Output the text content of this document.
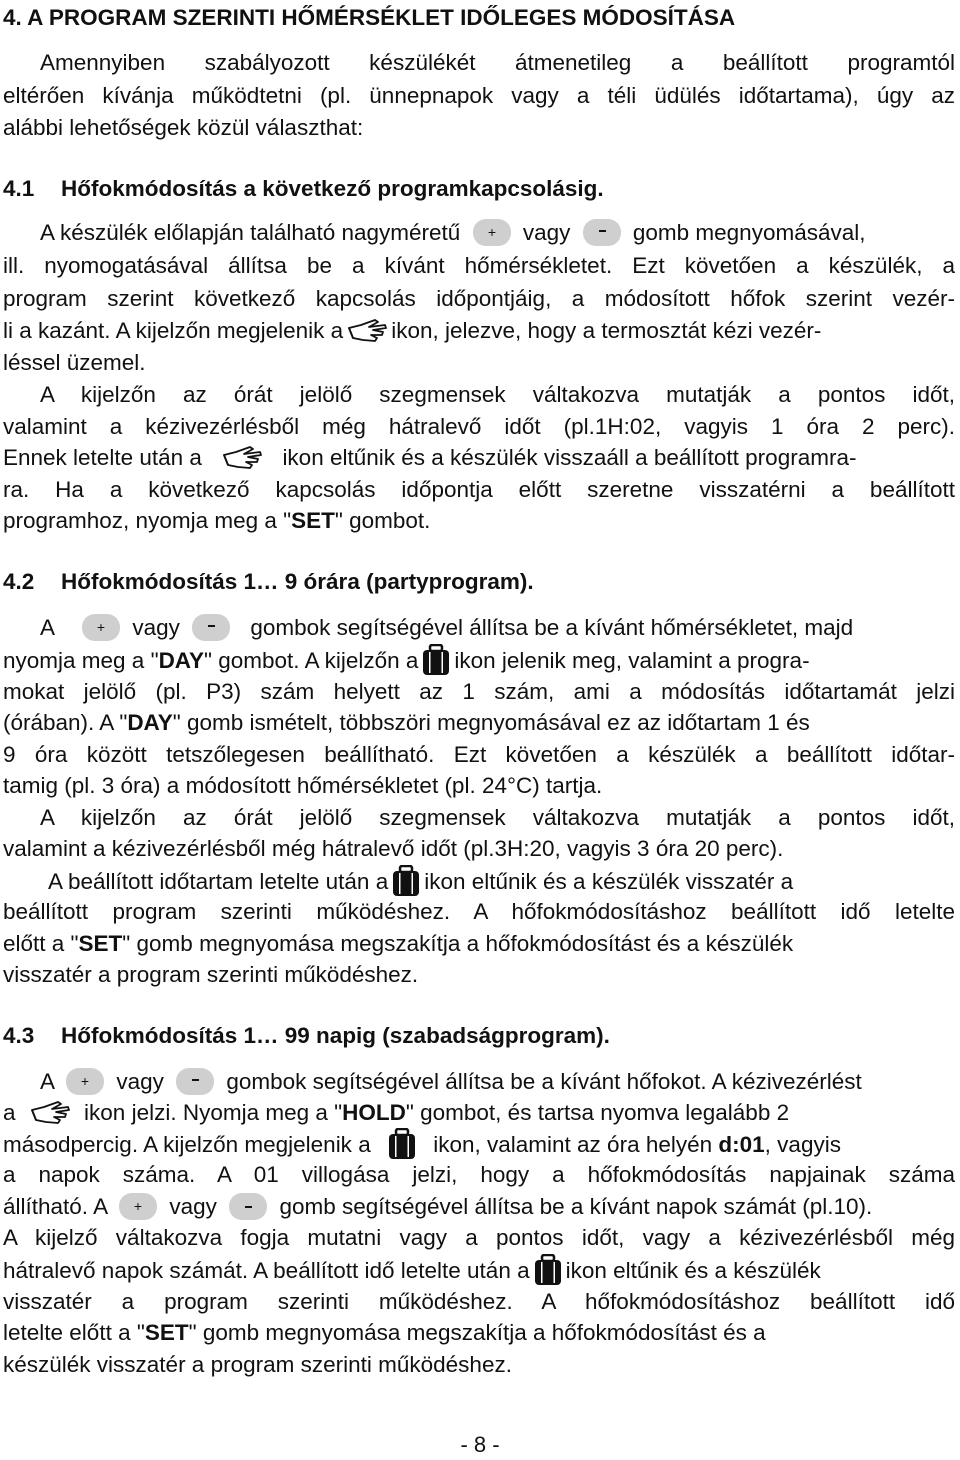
4. A PROGRAM SZERINTI HŐMÉRSÉKLET IDŐLEGES MÓDOSÍTÁSA
Amennyiben szabályozott készülékét átmenetileg a beállított programtól
eltérően kívánja működtetni (pl. ünnepnapok vagy a téli üdülés időtartama), úgy az
alábbi lehetőségek közül választhat:
4.1 Hőfokmódosítás a következő programkapcsolásig.
A készülék előlapján található nagyméretű + vagy	gomb megnyomásával,
ill. nyomogatásával állítsa be a kívánt hőmérsékletet. Ezt követően a készülék, a
program szerint következő kapcsolás időpontjáig, a módosított hőfok szerint vezér-
li a kazánt. A kijelzőn megjelenik a ikon, jelezve, hogy a termosztát kézi vezér-
léssel üzemel.
A kijelzőn az órát jelölő szegmensek váltakozva mutatják a pontos időt,
valamint a kézivezérlésből még hátralevő időt (pl.1H:02, vagyis 1 óra 2 perc).
Ennek letelte után a	ikon eltűnik és a készülék visszaáll a beállított programra-
ra. Ha a következő kapcsolás időpontja előtt szeretne visszatérni a beállított
programhoz, nyomja meg a "SET" gombot.
4.2 Hőfokmódosítás 1… 9 órára (partyprogram).
A	+ vagy	gombok segítségével állítsa be a kívánt hőmérsékletet, majd
nyomja meg a "DAY" gombot. A kijelzőn a ikon jelenik meg, valamint a progra-
mokat jelölő (pl. P3) szám helyett az 1 szám, ami a módosítás időtartamát jelzi
(órában). A "DAY" gomb ismételt, többszöri megnyomásával ez az időtartam 1 és
9 óra között tetszőlegesen beállítható. Ezt követően a készülék a beállított időtar-
tamig (pl. 3 óra) a módosított hőmérsékletet (pl. 24°C) tartja.
A kijelzőn az órát jelölő szegmensek váltakozva mutatják a pontos időt,
valamint a kézivezérlésből még hátralevő időt (pl.3H:20, vagyis 3 óra 20 perc).
A beállított időtartam letelte után a ikon eltűnik és a készülék visszatér a
beállított program szerinti működéshez. A hőfokmódosításhoz beállított idő letelte
előtt a "SET" gomb megnyomása megszakítja a hőfokmódosítást és a készülék
visszatér a program szerinti működéshez.
4.3 Hőfokmódosítás 1… 99 napig (szabadságprogram).
A + vagy	gombok segítségével állítsa be a kívánt hőfokot. A kézivezérlést
a	ikon jelzi. Nyomja meg a "HOLD" gombot, és tartsa nyomva legalább 2
másodpercig. A kijelzőn megjelenik a	ikon, valamint az óra helyén d:01, vagyis
a napok száma. A 01 villogása jelzi, hogy a hőfokmódosítás napjainak száma
állítható. A + vagy	gomb segítségével állítsa be a kívánt napok számát (pl.10).
A kijelző váltakozva fogja mutatni vagy a pontos időt, vagy a kézivezérlésből még
hátralevő napok számát. A beállított idő letelte után a ikon eltűnik és a készülék
visszatér a program szerinti működéshez. A hőfokmódosításhoz beállított idő
letelte előtt a "SET" gomb megnyomása megszakítja a hőfokmódosítást és a
készülék visszatér a program szerinti működéshez.
- 8 -
